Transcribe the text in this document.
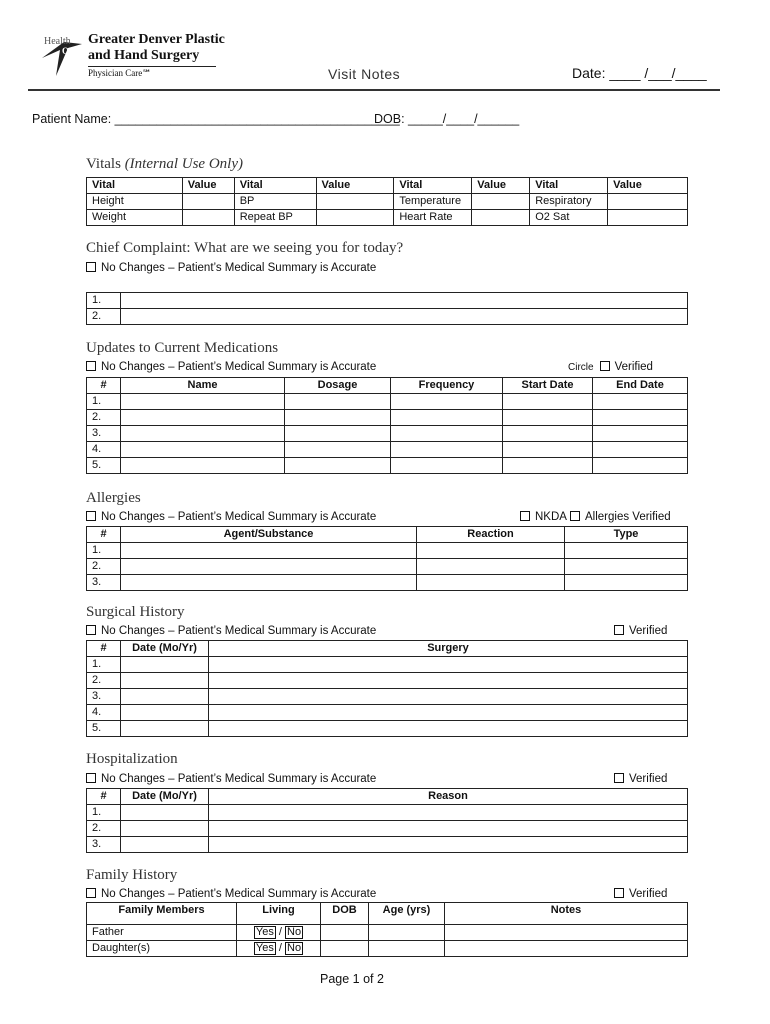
Health
ONE
Greater Denver Plastic
and Hand Surgery
Physician Care℠	Visit Notes	Date: ____ /___/____
Patient Name: _________________________________________
DOB: _____/____/______
Vitals (Internal Use Only)
Vital	Value	Vital	Value	Vital	Value	Vital	Value
Height		BP		Temperature		Respiratory	
Weight		Repeat BP		Heart Rate		O2 Sat	
Chief Complaint: What are we seeing you for today?
No Changes – Patient’s Medical Summary is Accurate
1.	
2.	
Updates to Current Medications
No Changes – Patient’s Medical Summary is Accurate	Circle Verified
#	Name	Dosage	Frequency	Start Date	End Date
1.					
2.					
3.					
4.					
5.					
Allergies
No Changes – Patient’s Medical Summary is Accurate	NKDA	Allergies Verified
#	Agent/Substance	Reaction	Type
1.			
2.			
3.			
Surgical History
No Changes – Patient’s Medical Summary is Accurate	Verified
#	Date (Mo/Yr)	Surgery
1.		
2.		
3.		
4.		
5.		
Hospitalization
No Changes – Patient’s Medical Summary is Accurate	Verified
#	Date (Mo/Yr)	Reason
1.		
2.		
3.		
Family History
No Changes – Patient’s Medical Summary is Accurate	Verified
Family Members	Living	DOB	Age (yrs)	Notes
Father	Yes / No			
Daughter(s)	Yes / No			
Page 1 of 2
